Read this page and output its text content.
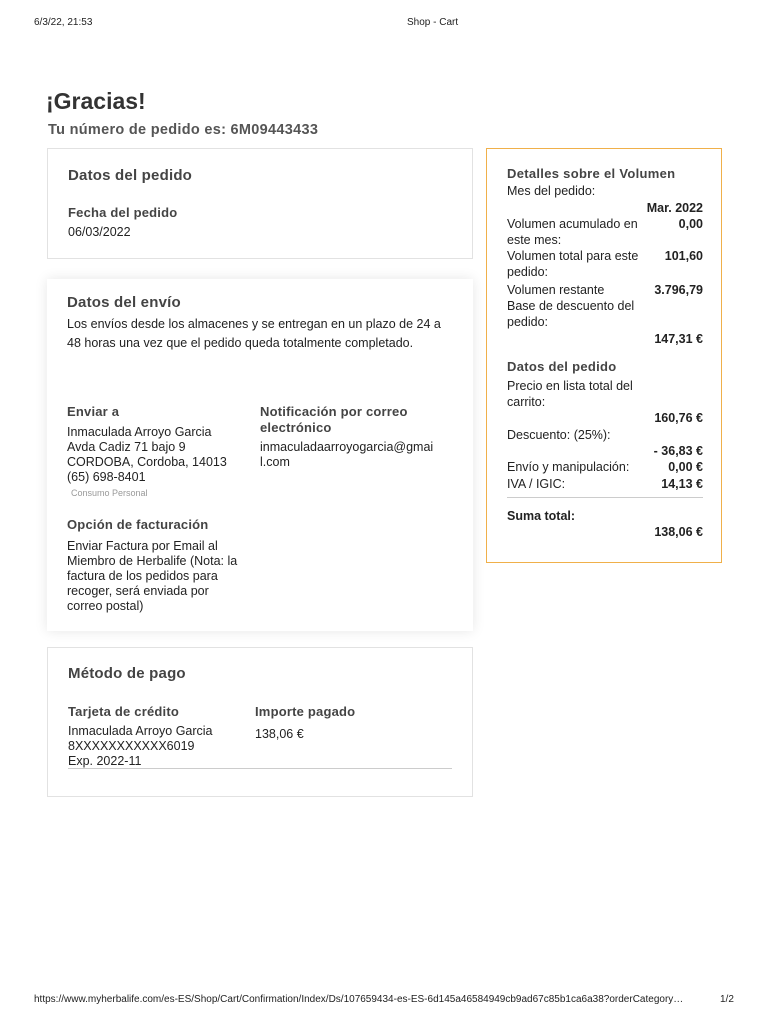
6/3/22, 21:53	Shop - Cart
¡Gracias!
Tu número de pedido es: 6M09443433
Datos del pedido
Fecha del pedido
06/03/2022
Datos del envío
Los envíos desde los almacenes y se entregan en un plazo de 24 a 48 horas una vez que el pedido queda totalmente completado.
Enviar a
Inmaculada Arroyo Garcia
Avda Cadiz 71 bajo 9
CORDOBA, Cordoba, 14013
(65) 698-8401
Consumo Personal
Notificación por correo electrónico
inmaculadaarroyogarcia@gmail.com
Opción de facturación
Enviar Factura por Email al Miembro de Herbalife (Nota: la factura de los pedidos para recoger, será enviada por correo postal)
Método de pago
Tarjeta de crédito
Inmaculada Arroyo Garcia
8XXXXXXXXXXX6019
Exp. 2022-11
Importe pagado
138,06 €
Detalles sobre el Volumen
Mes del pedido:
Mar. 2022
Volumen acumulado en este mes:
0,00
Volumen total para este pedido:
101,60
Volumen restante	3.796,79
Base de descuento del pedido:
147,31 €
Datos del pedido
Precio en lista total del carrito:
160,76 €
Descuento: (25%):
- 36,83 €
Envío y manipulación:	0,00 €
IVA / IGIC:	14,13 €
Suma total:
138,06 €
https://www.myherbalife.com/es-ES/Shop/Cart/Confirmation/Index/Ds/107659434-es-ES-6d145a46584949cb9ad67c85b1ca6a38?orderCategory…	1/2
